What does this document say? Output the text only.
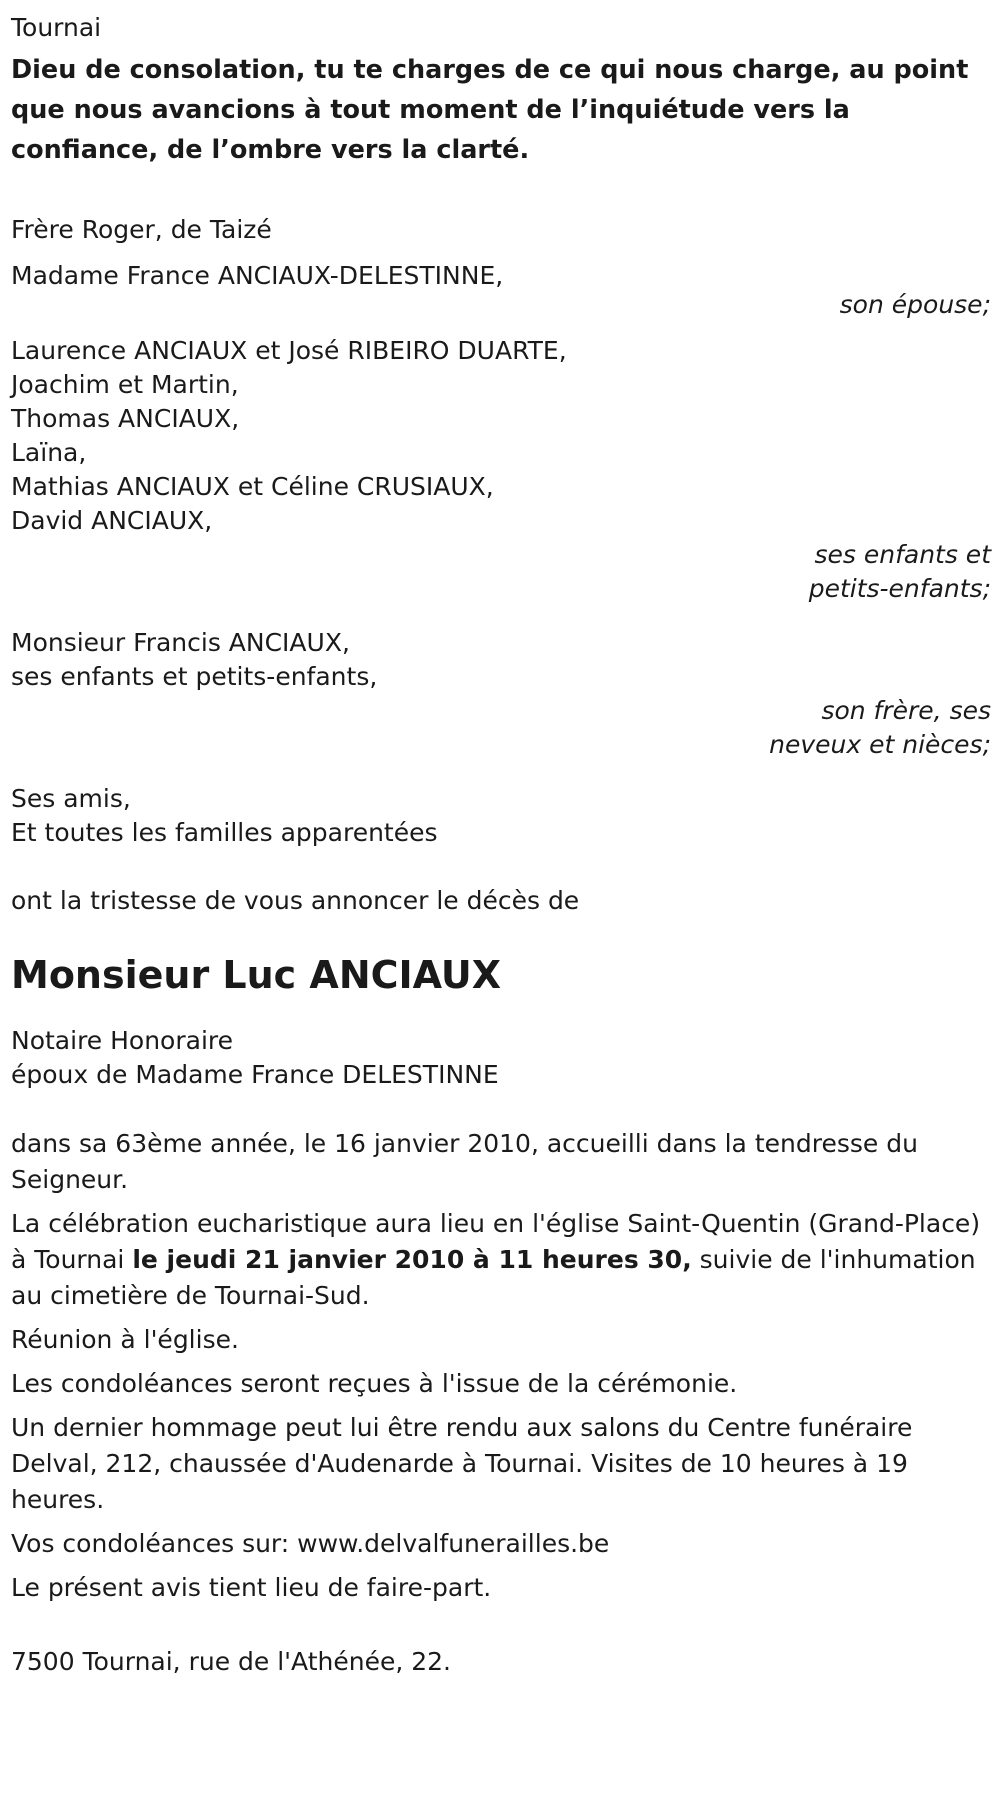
Tournai
Dieu de consolation, tu te charges de ce qui nous charge, au point que nous avancions à tout moment de l’inquiétude vers la confiance, de l’ombre vers la clarté.
Frère Roger, de Taizé
Madame France ANCIAUX-DELESTINNE,
son épouse;
Laurence ANCIAUX et José RIBEIRO DUARTE,
Joachim et Martin,
Thomas ANCIAUX,
Laïna,
Mathias ANCIAUX et Céline CRUSIAUX,
David ANCIAUX,
ses enfants et
petits-enfants;
Monsieur Francis ANCIAUX,
ses enfants et petits-enfants,
son frère, ses
neveux et nièces;
Ses amis,
Et toutes les familles apparentées
ont la tristesse de vous annoncer le décès de
Monsieur Luc ANCIAUX
Notaire Honoraire
époux de Madame France DELESTINNE
dans sa 63ème année, le 16 janvier 2010, accueilli dans la tendresse du Seigneur.
La célébration eucharistique aura lieu en l'église Saint-Quentin (Grand-Place) à Tournai le jeudi 21 janvier 2010 à 11 heures 30, suivie de l'inhumation au cimetière de Tournai-Sud.
Réunion à l'église.
Les condoléances seront reçues à l'issue de la cérémonie.
Un dernier hommage peut lui être rendu aux salons du Centre funéraire Delval, 212, chaussée d'Audenarde à Tournai. Visites de 10 heures à 19 heures.
Vos condoléances sur: www.delvalfunerailles.be
Le présent avis tient lieu de faire-part.
7500 Tournai, rue de l'Athénée, 22.
